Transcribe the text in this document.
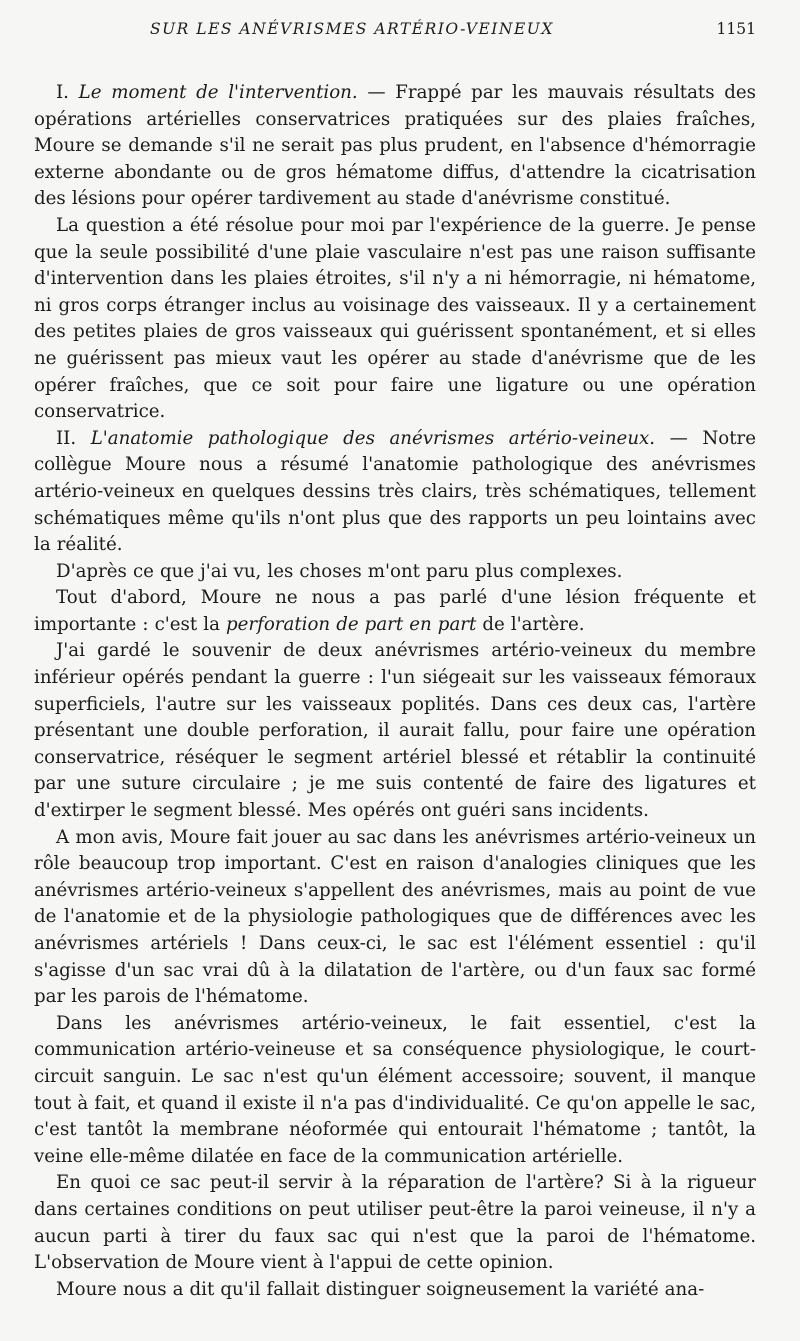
SUR LES ANÉVRISMES ARTÉRIO-VEINEUX	1151

I. Le moment de l'intervention. — Frappé par les mauvais résultats des opérations artérielles conservatrices pratiquées sur des plaies fraîches, Moure se demande s'il ne serait pas plus prudent, en l'absence d'hémorragie externe abondante ou de gros hématome diffus, d'attendre la cicatrisation des lésions pour opérer tardivement au stade d'anévrisme constitué.

La question a été résolue pour moi par l'expérience de la guerre. Je pense que la seule possibilité d'une plaie vasculaire n'est pas une raison suffisante d'intervention dans les plaies étroites, s'il n'y a ni hémorragie, ni hématome, ni gros corps étranger inclus au voisinage des vaisseaux. Il y a certainement des petites plaies de gros vaisseaux qui guérissent spontanément, et si elles ne guérissent pas mieux vaut les opérer au stade d'anévrisme que de les opérer fraîches, que ce soit pour faire une ligature ou une opération conservatrice.

II. L'anatomie pathologique des anévrismes artério-veineux. — Notre collègue Moure nous a résumé l'anatomie pathologique des anévrismes artério-veineux en quelques dessins très clairs, très schématiques, tellement schématiques même qu'ils n'ont plus que des rapports un peu lointains avec la réalité.

D'après ce que j'ai vu, les choses m'ont paru plus complexes.

Tout d'abord, Moure ne nous a pas parlé d'une lésion fréquente et importante : c'est la perforation de part en part de l'artère.

J'ai gardé le souvenir de deux anévrismes artério-veineux du membre inférieur opérés pendant la guerre : l'un siégeait sur les vaisseaux fémoraux superficiels, l'autre sur les vaisseaux poplités. Dans ces deux cas, l'artère présentant une double perforation, il aurait fallu, pour faire une opération conservatrice, réséquer le segment artériel blessé et rétablir la continuité par une suture circulaire ; je me suis contenté de faire des ligatures et d'extirper le segment blessé. Mes opérés ont guéri sans incidents.

A mon avis, Moure fait jouer au sac dans les anévrismes artério-veineux un rôle beaucoup trop important. C'est en raison d'analogies cliniques que les anévrismes artério-veineux s'appellent des anévrismes, mais au point de vue de l'anatomie et de la physiologie pathologiques que de différences avec les anévrismes artériels ! Dans ceux-ci, le sac est l'élément essentiel : qu'il s'agisse d'un sac vrai dû à la dilatation de l'artère, ou d'un faux sac formé par les parois de l'hématome.

Dans les anévrismes artério-veineux, le fait essentiel, c'est la communication artério-veineuse et sa conséquence physiologique, le court-circuit sanguin. Le sac n'est qu'un élément accessoire; souvent, il manque tout à fait, et quand il existe il n'a pas d'individualité. Ce qu'on appelle le sac, c'est tantôt la membrane néoformée qui entourait l'hématome ; tantôt, la veine elle-même dilatée en face de la communication artérielle.

En quoi ce sac peut-il servir à la réparation de l'artère? Si à la rigueur dans certaines conditions on peut utiliser peut-être la paroi veineuse, il n'y a aucun parti à tirer du faux sac qui n'est que la paroi de l'hématome. L'observation de Moure vient à l'appui de cette opinion.

Moure nous a dit qu'il fallait distinguer soigneusement la variété ana-
